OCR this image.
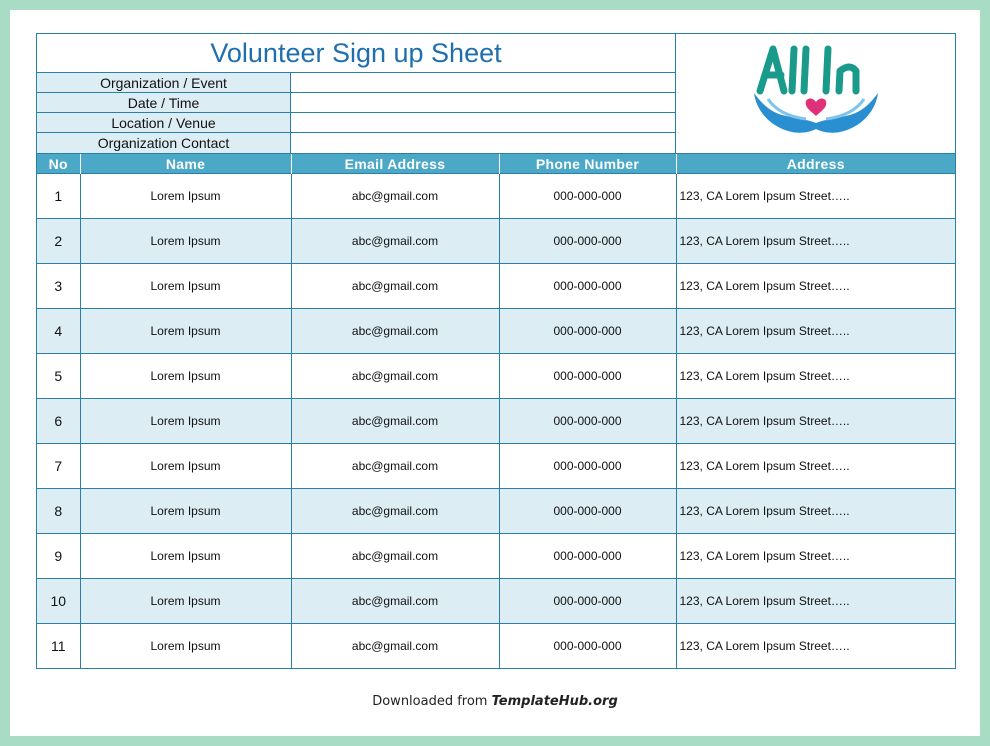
Volunteer Sign up Sheet
Organization / Event
Date / Time
Location / Venue
Organization Contact
No	Name	Email Address	Phone Number	Address
1	Lorem Ipsum	abc@gmail.com	000-000-000	123, CA Lorem Ipsum Street…..
2	Lorem Ipsum	abc@gmail.com	000-000-000	123, CA Lorem Ipsum Street…..
3	Lorem Ipsum	abc@gmail.com	000-000-000	123, CA Lorem Ipsum Street…..
4	Lorem Ipsum	abc@gmail.com	000-000-000	123, CA Lorem Ipsum Street…..
5	Lorem Ipsum	abc@gmail.com	000-000-000	123, CA Lorem Ipsum Street…..
6	Lorem Ipsum	abc@gmail.com	000-000-000	123, CA Lorem Ipsum Street…..
7	Lorem Ipsum	abc@gmail.com	000-000-000	123, CA Lorem Ipsum Street…..
8	Lorem Ipsum	abc@gmail.com	000-000-000	123, CA Lorem Ipsum Street…..
9	Lorem Ipsum	abc@gmail.com	000-000-000	123, CA Lorem Ipsum Street…..
10	Lorem Ipsum	abc@gmail.com	000-000-000	123, CA Lorem Ipsum Street…..
11	Lorem Ipsum	abc@gmail.com	000-000-000	123, CA Lorem Ipsum Street…..
Downloaded from TemplateHub.org
